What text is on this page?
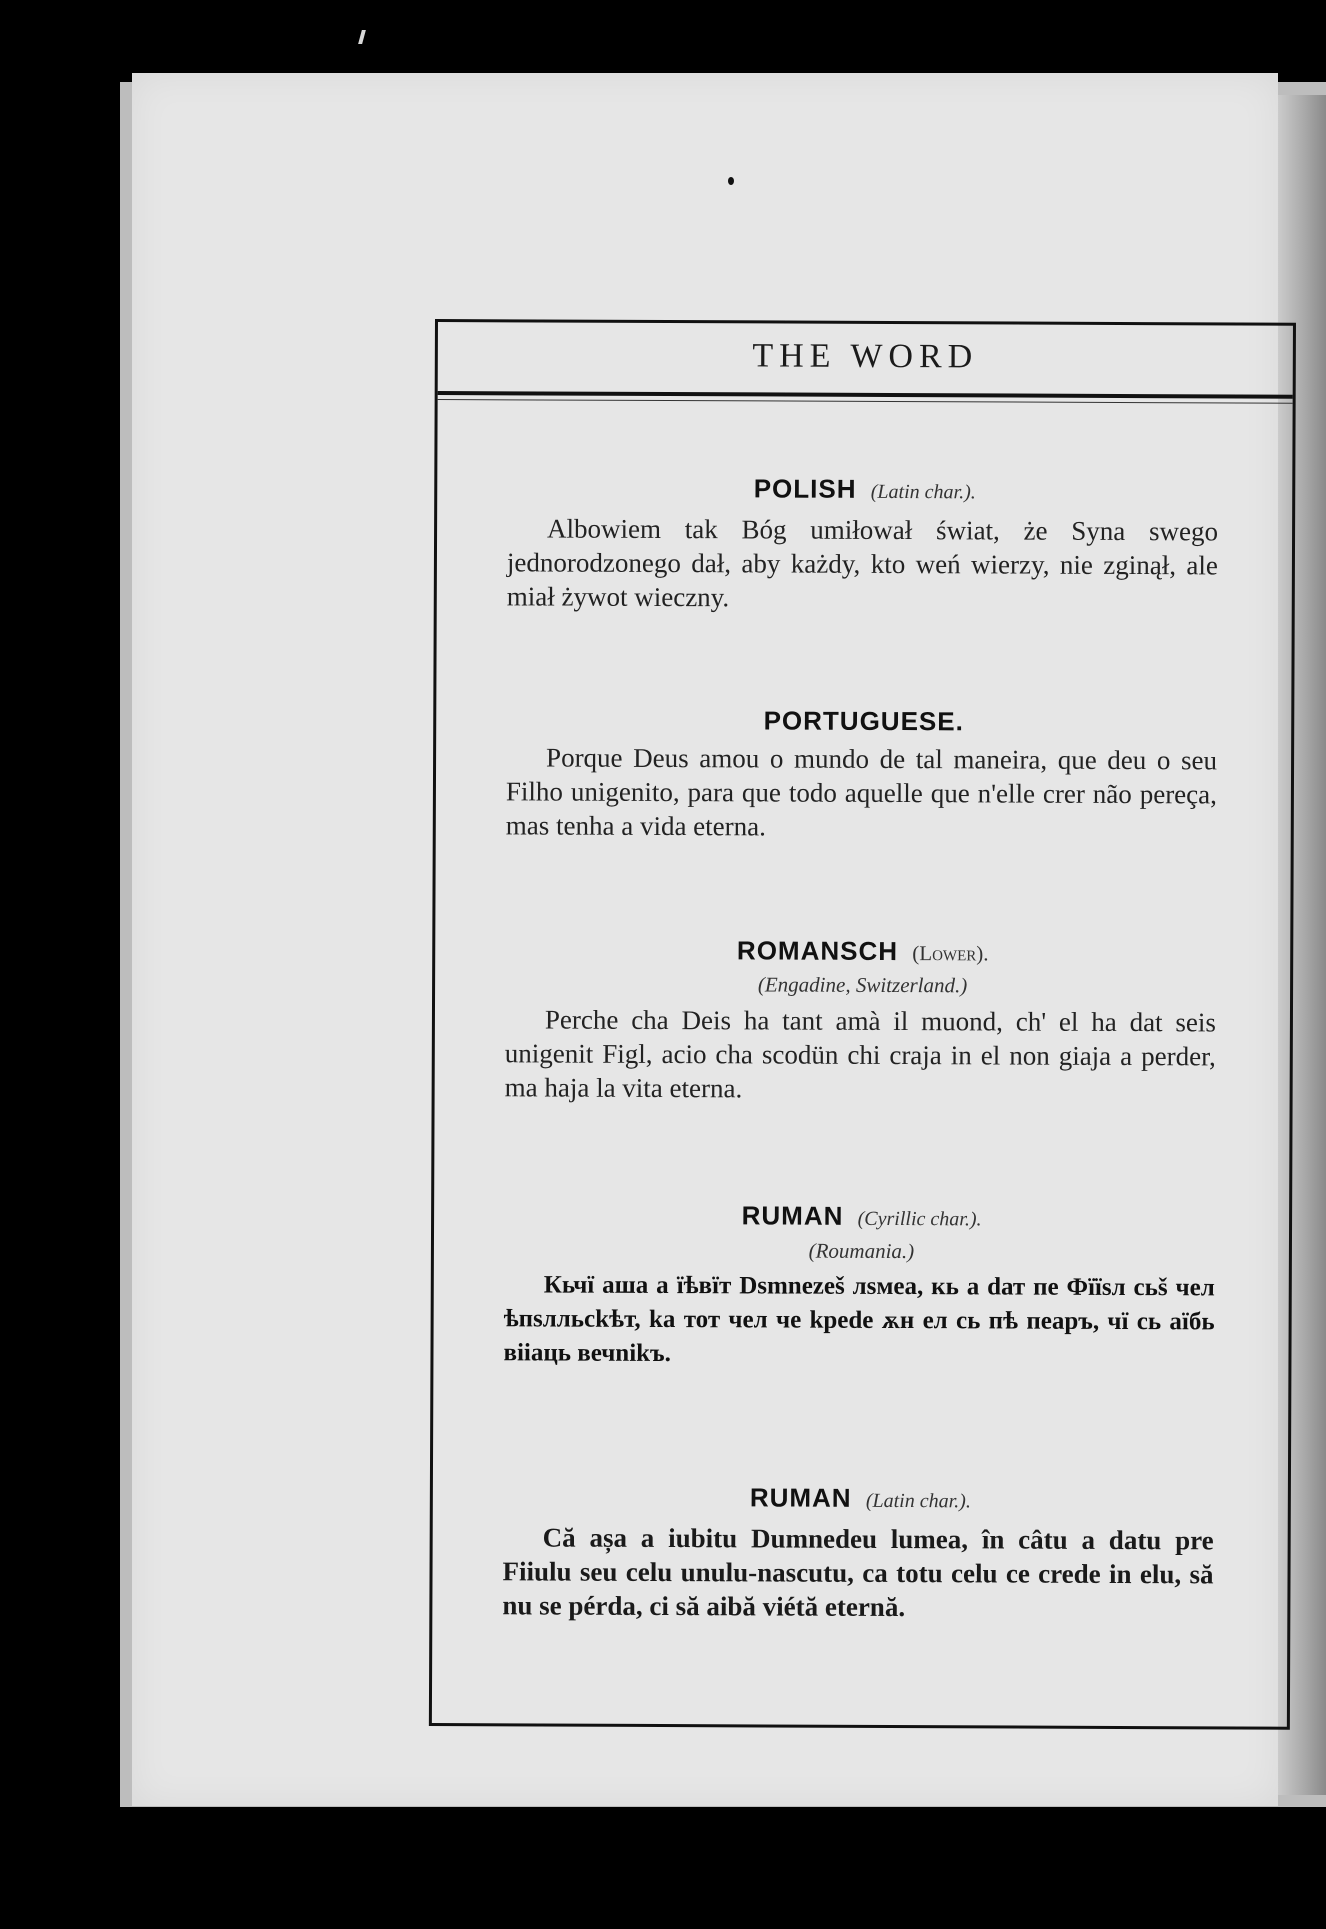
THE WORD
POLISH (Latin char.).

Albowiem tak Bóg umiłował świat, że Syna swego jednorodzonego dał, aby każdy, kto weń wierzy, nie zginął, ale miał żywot wieczny.

PORTUGUESE.

Porque Deus amou o mundo de tal maneira, que deu o seu Filho unigenito, para que todo aquelle que n'elle crer não pereça, mas tenha a vida eterna.

ROMANSCH (Lower).
(Engadine, Switzerland.)

Perche cha Deis ha tant amà il muond, ch' el ha dat seis unigenit Figl, acio cha scodün chi craja in el non giaja a perder, ma haja la vita eterna.

RUMAN (Cyrillic char.).
(Roumania.)

Кьчї аша а їѣвїт Dsmnezeš лsмеа, кь а dат пе Фїїsл сьš чел ѣпsлльсkѣт, ka тот чел че kpede ѫн ел сь пѣ пеаръ, чї сь аїбь віiаць вечnikъ.

RUMAN (Latin char.).

Că așa a iubitu Dumnedeu lumea, în câtu a datu pre Fiiulu seu celu unulu-nascutu, ca totu celu ce crede in elu, să nu se pérda, ci să aibă viétă eternă.
